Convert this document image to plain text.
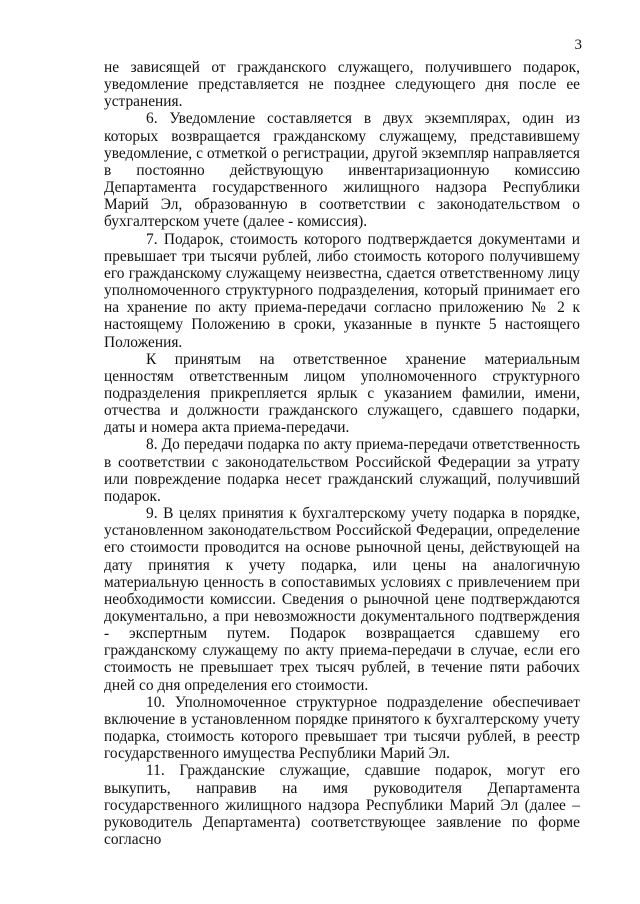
3

не зависящей от гражданского служащего, получившего подарок, уведомление представляется не позднее следующего дня после ее устранения.

6. Уведомление составляется в двух экземплярах, один из которых возвращается гражданскому служащему, представившему уведомление, с отметкой о регистрации, другой экземпляр направляется в постоянно действующую инвентаризационную комиссию Департамента государственного жилищного надзора Республики Марий Эл, образованную в соответствии с законодательством о бухгалтерском учете (далее - комиссия).

7. Подарок, стоимость которого подтверждается документами и превышает три тысячи рублей, либо стоимость которого получившему его гражданскому служащему неизвестна, сдается ответственному лицу уполномоченного структурного подразделения, который принимает его на хранение по акту приема-передачи согласно приложению № 2 к настоящему Положению в сроки, указанные в пункте 5 настоящего Положения.

К принятым на ответственное хранение материальным ценностям ответственным лицом уполномоченного структурного подразделения прикрепляется ярлык с указанием фамилии, имени, отчества и должности гражданского служащего, сдавшего подарки, даты и номера акта приема-передачи.

8. До передачи подарка по акту приема-передачи ответственность в соответствии с законодательством Российской Федерации за утрату или повреждение подарка несет гражданский служащий, получивший подарок.

9. В целях принятия к бухгалтерскому учету подарка в порядке, установленном законодательством Российской Федерации, определение его стоимости проводится на основе рыночной цены, действующей на дату принятия к учету подарка, или цены на аналогичную материальную ценность в сопоставимых условиях с привлечением при необходимости комиссии. Сведения о рыночной цене подтверждаются документально, а при невозможности документального подтверждения - экспертным путем. Подарок возвращается сдавшему его гражданскому служащему по акту приема-передачи в случае, если его стоимость не превышает трех тысяч рублей, в течение пяти рабочих дней со дня определения его стоимости.

10. Уполномоченное структурное подразделение обеспечивает включение в установленном порядке принятого к бухгалтерскому учету подарка, стоимость которого превышает три тысячи рублей, в реестр государственного имущества Республики Марий Эл.

11. Гражданские служащие, сдавшие подарок, могут его выкупить, направив на имя руководителя Департамента государственного жилищного надзора Республики Марий Эл (далее – руководитель Департамента) соответствующее заявление по форме согласно
